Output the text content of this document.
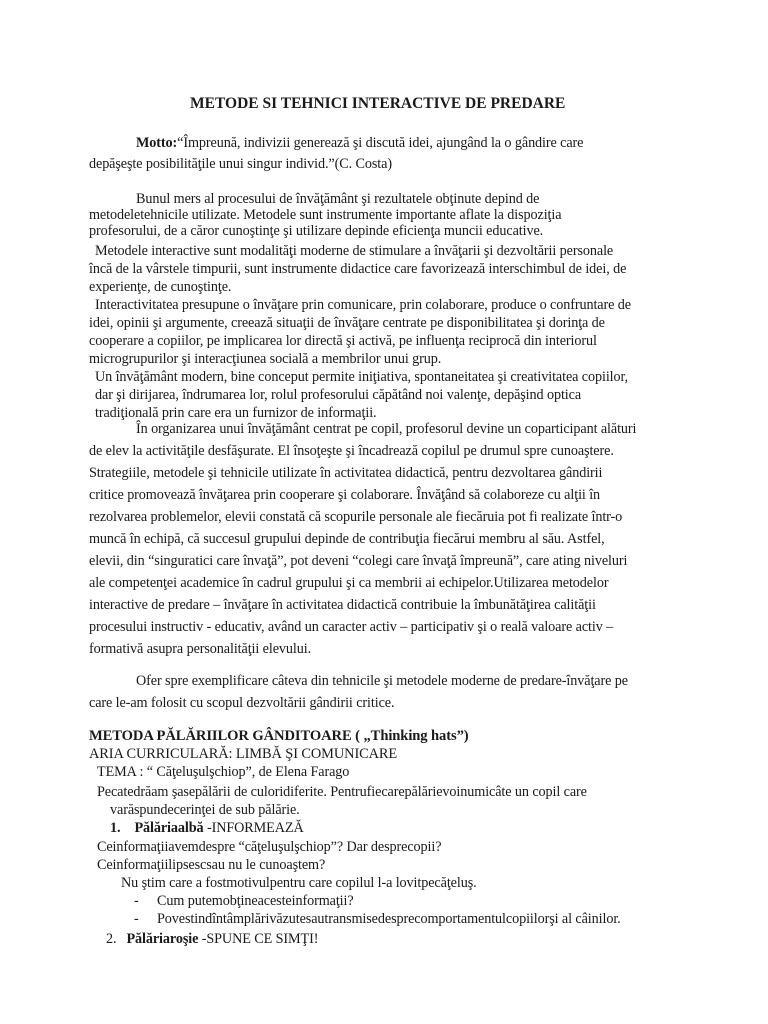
METODE SI TEHNICI INTERACTIVE DE PREDARE
Motto:“Împreună, indivizii generează şi discută idei, ajungând la o gândire care
depăşeşte posibilităţile unui singur individ.”(C. Costa)
Bunul mers al procesului de învăţământ şi rezultatele obţinute depind de
metodeletehnicile utilizate. Metodele sunt instrumente importante aflate la dispoziţia
profesorului, de a căror cunoştinţe şi utilizare depinde eficienţa muncii educative.
Metodele interactive sunt modalităţi moderne de stimulare a învăţarii şi dezvoltării personale
încă de la vârstele timpurii, sunt instrumente didactice care favorizează interschimbul de idei, de
experienţe, de cunoştinţe.
Interactivitatea presupune o învăţare prin comunicare, prin colaborare, produce o confruntare de
idei, opinii şi argumente, creează situaţii de învăţare centrate pe disponibilitatea şi dorinţa de
cooperare a copiilor, pe implicarea lor directă şi activă, pe influenţa reciprocă din interiorul
microgrupurilor şi interacţiunea socială a membrilor unui grup.
Un învăţământ modern, bine conceput permite iniţiativa, spontaneitatea şi creativitatea copiilor,
dar şi dirijarea, îndrumarea lor, rolul profesorului căpătând noi valenţe, depăşind optica
tradiţională prin care era un furnizor de informaţii.
În organizarea unui învăţământ centrat pe copil, profesorul devine un coparticipant alături
de elev la activităţile desfăşurate. El însoţeşte şi încadrează copilul pe drumul spre cunoaştere.
Strategiile, metodele şi tehnicile utilizate în activitatea didactică, pentru dezvoltarea gândirii
critice promovează învăţarea prin cooperare şi colaborare. Învăţând să colaboreze cu alţii în
rezolvarea problemelor, elevii constată că scopurile personale ale fiecăruia pot fi realizate într-o
muncă în echipă, că succesul grupului depinde de contribuţia fiecărui membru al său. Astfel,
elevii, din “singuratici care învaţă”, pot deveni “colegi care învaţă împreună”, care ating niveluri
ale competenţei academice în cadrul grupului şi ca membrii ai echipelor.Utilizarea metodelor
interactive de predare – învăţare în activitatea didactică contribuie la îmbunătăţirea calităţii
procesului instructiv - educativ, având un caracter activ – participativ şi o reală valoare activ –
formativă asupra personalităţii elevului.
Ofer spre exemplificare câteva din tehnicile şi metodele moderne de predare-învăţare pe
care le-am folosit cu scopul dezvoltării gândirii critice.
METODA PĂLĂRIILOR GÂNDITOARE ( „Thinking hats”)
ARIA CURRICULARĂ: LIMBĂ ŞI COMUNICARE
TEMA : “ Căţeluşulşchiop”, de Elena Farago
Pecatedrăam şasepălării de culoridiferite. Pentrufiecarepălărievoinumicâte un copil care
varăspundecerinţei de sub pălărie.
1. Pălăriaalbă -INFORMEAZĂ
Ceinformaţiiavemdespre “căţeluşulşchiop”? Dar desprecopii?
Ceinformaţiilipsescsau nu le cunoaştem?
Nu ştim care a fostmotivulpentru care copilul l-a lovitpecăţeluş.
- Cum putemobţineacesteinformaţii?
- Povestindîntâmplărivăzutesautransmisedesprecomportamentulcopiilorşi al câinilor.
2. Pălăriaroşie -SPUNE CE SIMŢI!
